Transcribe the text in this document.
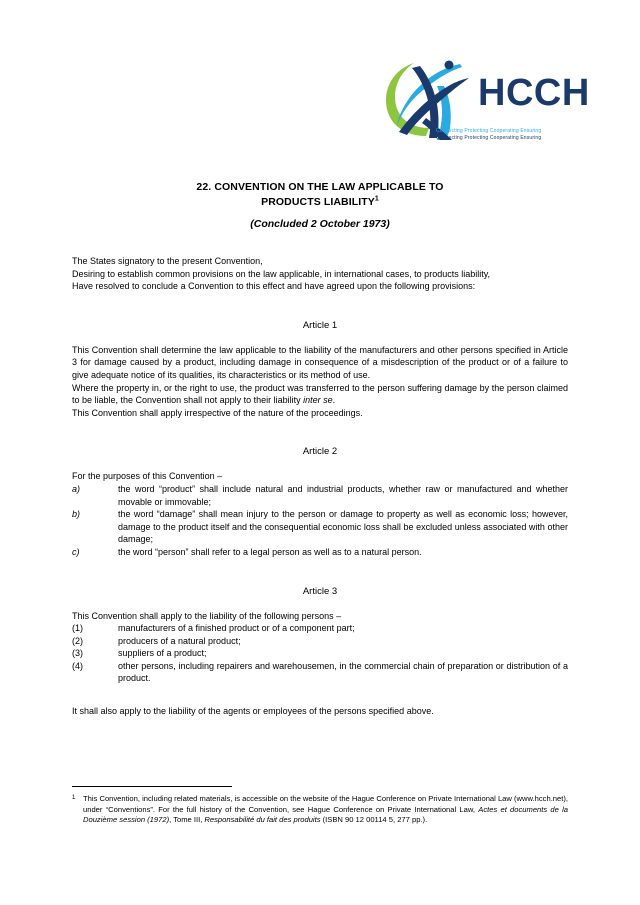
HCCH
Connecting Protecting Cooperating Ensuring
Connecting Protecting Cooperating Ensuring
22. CONVENTION ON THE LAW APPLICABLE TO
PRODUCTS LIABILITY$^1$
(Concluded 2 October 1973)

The States signatory to the present Convention,

Desiring to establish common provisions on the law applicable, in international cases, to products liability,

Have resolved to conclude a Convention to this effect and have agreed upon the following provisions:

Article 1

This Convention shall determine the law applicable to the liability of the manufacturers and other persons specified in Article 3 for damage caused by a product, including damage in consequence of a misdescription of the product or of a failure to give adequate notice of its qualities, its characteristics or its method of use.

Where the property in, or the right to use, the product was transferred to the person suffering damage by the person claimed to be liable, the Convention shall not apply to their liability inter se.

This Convention shall apply irrespective of the nature of the proceedings.

Article 2

For the purposes of this Convention –

a)	the word “product” shall include natural and industrial products, whether raw or manufactured and whether movable or immovable;
b)	the word “damage” shall mean injury to the person or damage to property as well as economic loss; however, damage to the product itself and the consequential economic loss shall be excluded unless associated with other damage;
c)	the word “person” shall refer to a legal person as well as to a natural person.

Article 3

This Convention shall apply to the liability of the following persons –

(1)	manufacturers of a finished product or of a component part;
(2)	producers of a natural product;
(3)	suppliers of a product;
(4)	other persons, including repairers and warehousemen, in the commercial chain of preparation or distribution of a product.

It shall also apply to the liability of the agents or employees of the persons specified above.

1 This Convention, including related materials, is accessible on the website of the Hague Conference on Private International Law (www.hcch.net), under “Conventions”. For the full history of the Convention, see Hague Conference on Private International Law, Actes et documents de la Douzième session (1972), Tome III, Responsabilité du fait des produits (ISBN 90 12 00114 5, 277 pp.).
